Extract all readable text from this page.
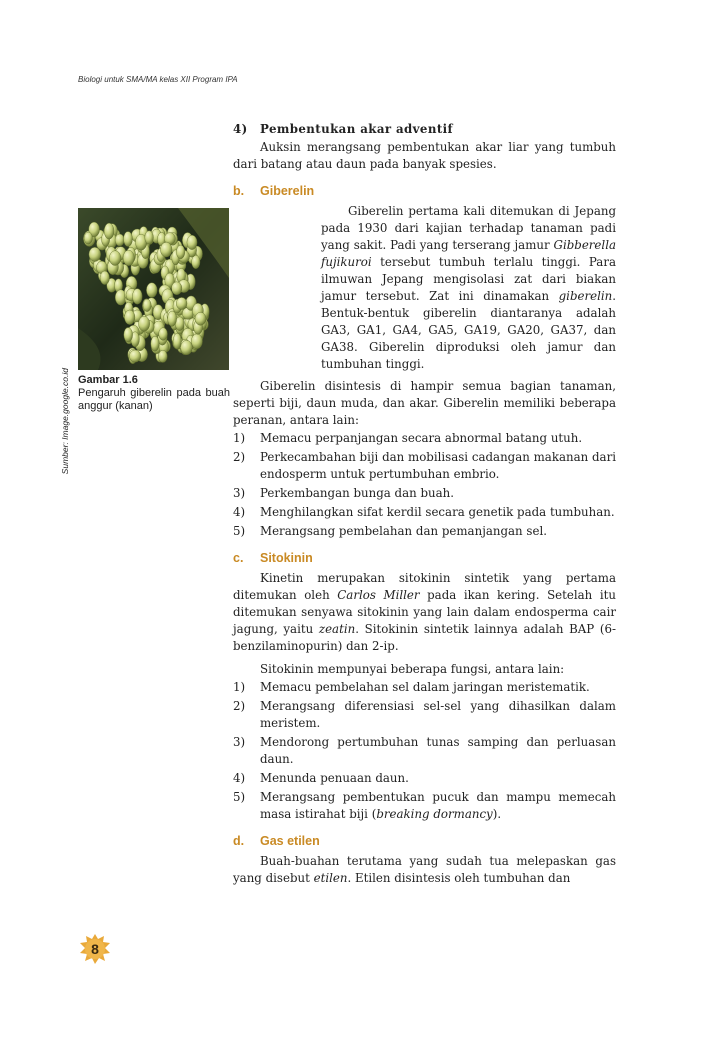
Biologi untuk SMA/MA kelas XII Program IPA
Sumber: Image.google.co.id Gambar 1.6
Pengaruh giberelin pada buah anggur (kanan)
4)	Pembentukan akar adventif

Auksin merangsang pembentukan akar liar yang tumbuh dari batang atau daun pada banyak spesies.

b.	Giberelin

Giberelin pertama kali ditemukan di Jepang pada 1930 dari kajian terhadap tanaman padi yang sakit. Padi yang terserang jamur Gibberella fujikuroi tersebut tumbuh terlalu tinggi. Para ilmuwan Jepang mengisolasi zat dari biakan jamur tersebut. Zat ini dinamakan giberelin. Bentuk-bentuk giberelin diantaranya adalah GA3, GA1, GA4, GA5, GA19, GA20, GA37, dan GA38. Giberelin diproduksi oleh jamur dan tumbuhan tinggi.

Giberelin disintesis di hampir semua bagian tanaman, seperti biji, daun muda, dan akar. Giberelin memiliki beberapa peranan, antara lain:

1)	Memacu perpanjangan secara abnormal batang utuh.
2)	Perkecambahan biji dan mobilisasi cadangan makanan dari endosperm untuk pertumbuhan embrio.
3)	Perkembangan bunga dan buah.
4)	Menghilangkan sifat kerdil secara genetik pada tumbuhan.
5)	Merangsang pembelahan dan pemanjangan sel.
c.	Sitokinin

Kinetin merupakan sitokinin sintetik yang pertama ditemukan oleh Carlos Miller pada ikan kering. Setelah itu ditemukan senyawa sitokinin yang lain dalam endosperma cair jagung, yaitu zeatin. Sitokinin sintetik lainnya adalah BAP (6-benzilaminopurin) dan 2-ip.

Sitokinin mempunyai beberapa fungsi, antara lain:

1)	Memacu pembelahan sel dalam jaringan meristematik.
2)	Merangsang diferensiasi sel-sel yang dihasilkan dalam meristem.
3)	Mendorong pertumbuhan tunas samping dan perluasan daun.
4)	Menunda penuaan daun.
5)	Merangsang pembentukan pucuk dan mampu memecah masa istirahat biji (breaking dormancy).
d.	Gas etilen

Buah-buahan terutama yang sudah tua melepaskan gas yang disebut etilen. Etilen disintesis oleh tumbuhan dan

8
